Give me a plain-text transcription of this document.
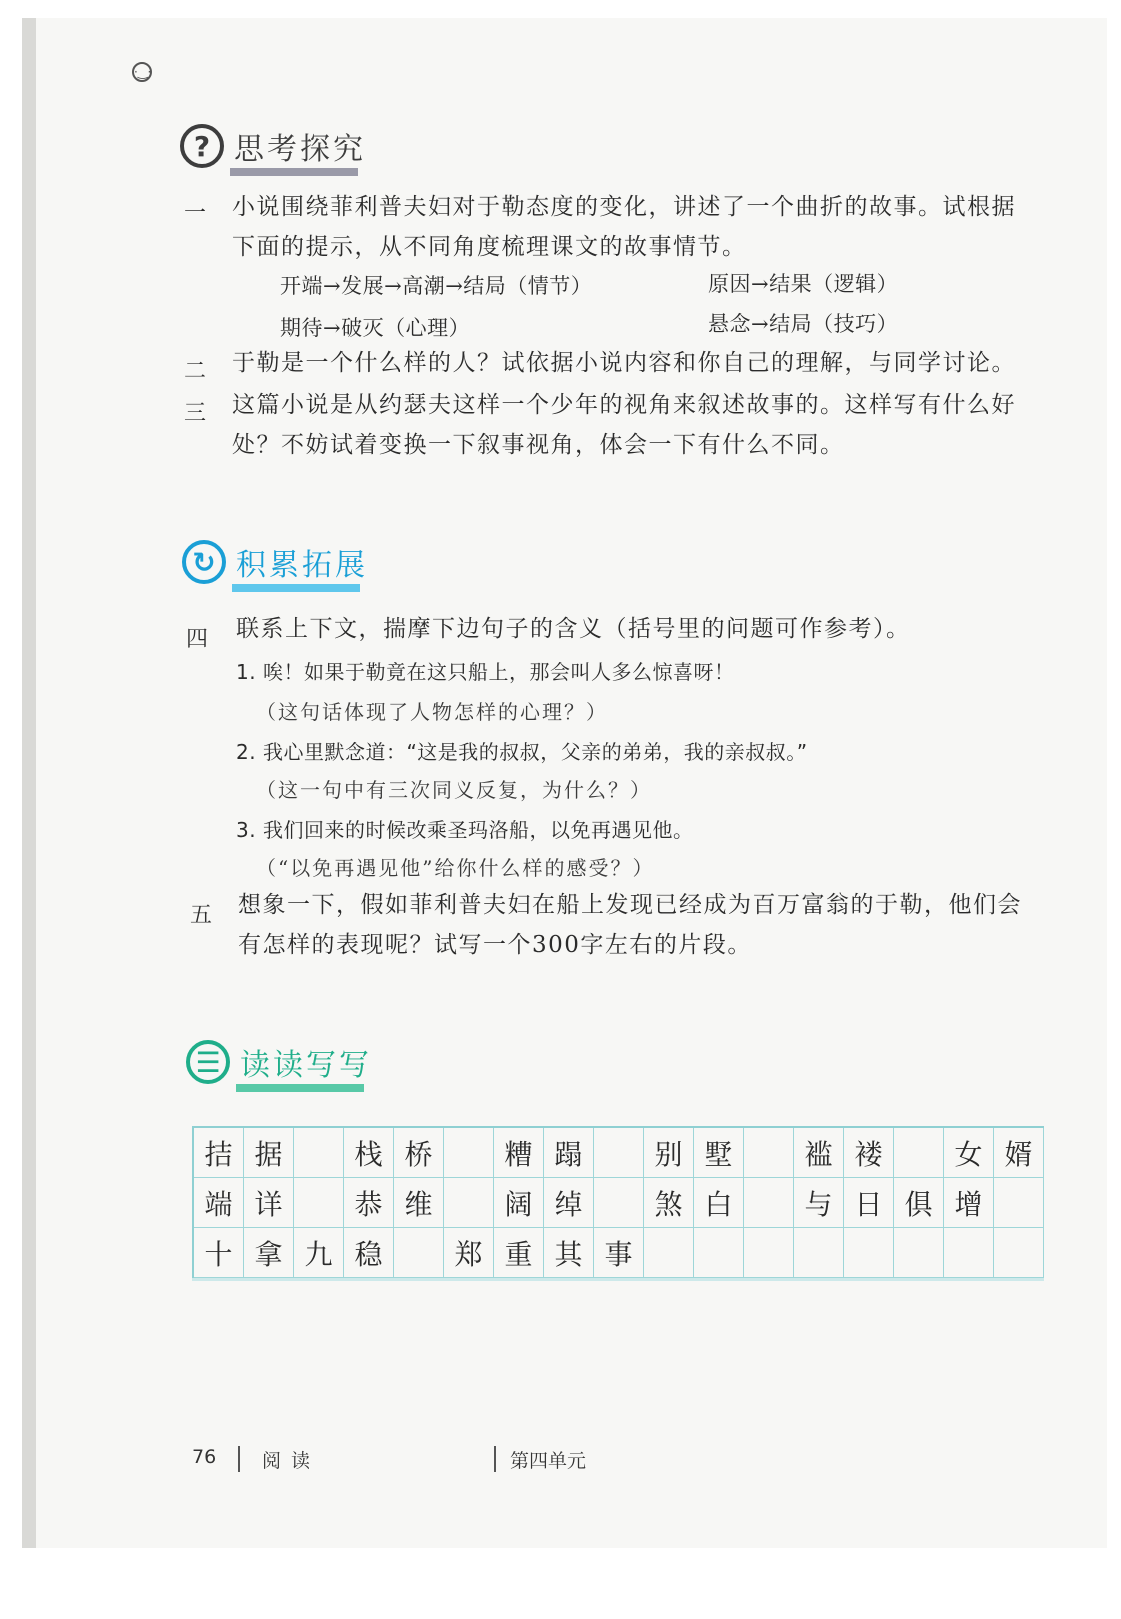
·‿·
? 思考探究
一 小说围绕菲利普夫妇对于勒态度的变化，讲述了一个曲折的故事。试根据
下面的提示，从不同角度梳理课文的故事情节。
开端→发展→高潮→结局（情节）	原因→结果（逻辑）
期待→破灭（心理）	悬念→结局（技巧）
二 于勒是一个什么样的人？试依据小说内容和你自己的理解，与同学讨论。
三 这篇小说是从约瑟夫这样一个少年的视角来叙述故事的。这样写有什么好
处？不妨试着变换一下叙事视角，体会一下有什么不同。
↻ 积累拓展
四 联系上下文，揣摩下边句子的含义（括号里的问题可作参考）。
1. 唉！如果于勒竟在这只船上，那会叫人多么惊喜呀！
（这句话体现了人物怎样的心理？）
2. 我心里默念道：“这是我的叔叔，父亲的弟弟，我的亲叔叔。”
（这一句中有三次同义反复，为什么？）
3. 我们回来的时候改乘圣玛洛船，以免再遇见他。
（“以免再遇见他”给你什么样的感受？）
五 想象一下，假如菲利普夫妇在船上发现已经成为百万富翁的于勒，他们会
有怎样的表现呢？试写一个300字左右的片段。
☰ 读读写写
拮 据	栈 桥	糟 蹋	别 墅	褴 褛	女 婿
端 详	恭 维	阔 绰	煞 白	与 日 俱 增
十 拿 九 稳	郑 重 其 事
76 阅 读	第四单元
